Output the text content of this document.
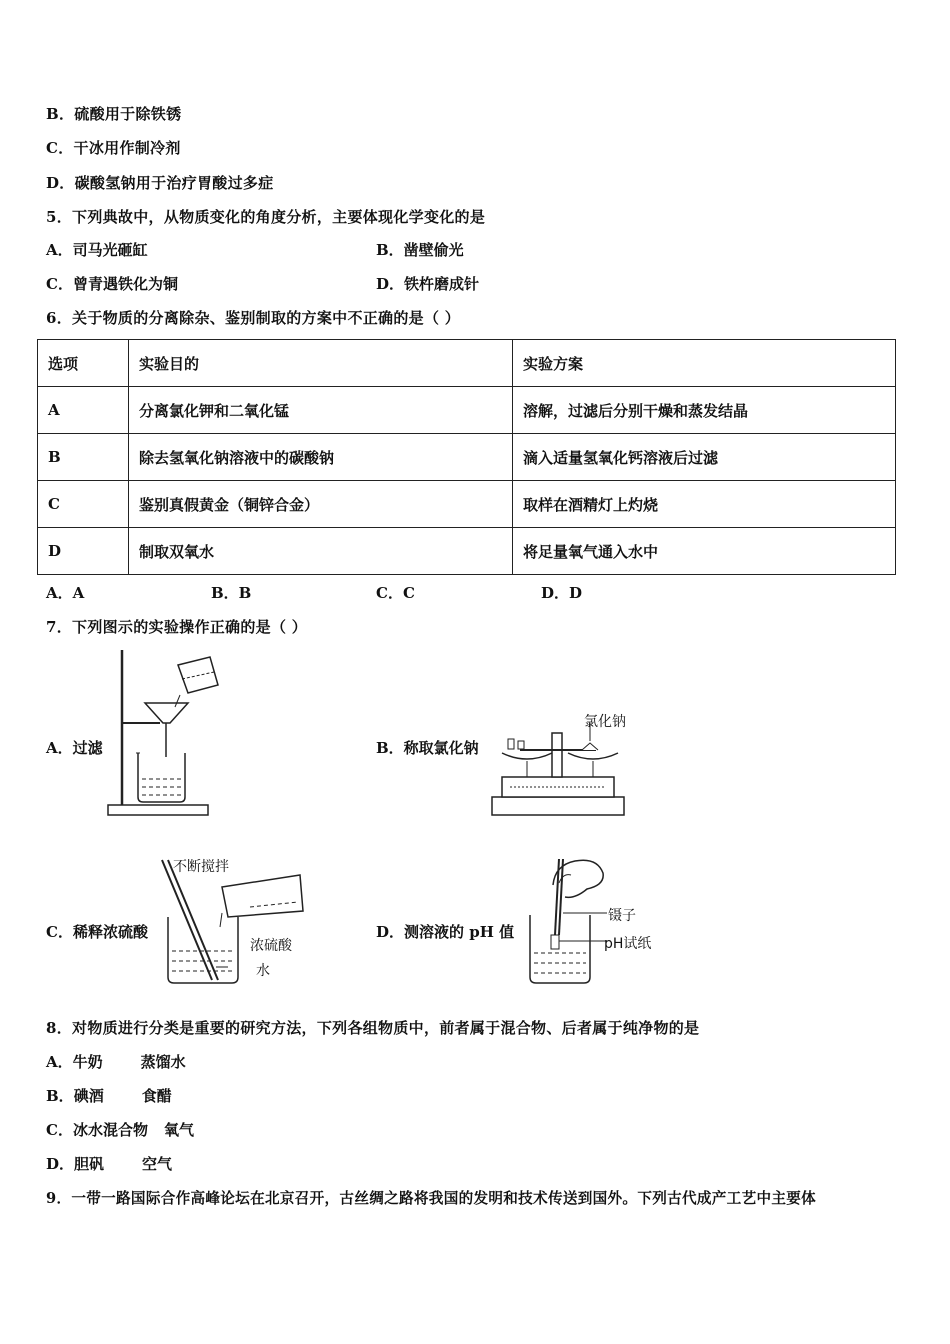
B．硫酸用于除铁锈
C．干冰用作制冷剂
D．碳酸氢钠用于治疗胃酸过多症
5．下列典故中，从物质变化的角度分析，主要体现化学变化的是
A．司马光砸缸	B．凿壁偷光
C．曾青遇铁化为铜	D．铁杵磨成针
6．关于物质的分离除杂、鉴别制取的方案中不正确的是（ ）
选项	实验目的	实验方案
A	分离氯化钾和二氧化锰	溶解，过滤后分别干燥和蒸发结晶
B	除去氢氧化钠溶液中的碳酸钠	滴入适量氢氧化钙溶液后过滤
C	鉴别真假黄金（铜锌合金）	取样在酒精灯上灼烧
D	制取双氧水	将足量氧气通入水中
A．A	B．B	C．C	D．D
7．下列图示的实验操作正确的是（ ）
A．过滤
氯化钠
B．称取氯化钠
不断搅拌
浓硫酸
水
C．稀释浓硫酸
镊子
pH试纸
D．测溶液的 pH 值
8．对物质进行分类是重要的研究方法，下列各组物质中，前者属于混合物、后者属于纯净物的是
A．牛奶	蒸馏水
B．碘酒	食醋
C．冰水混合物 氧气
D．胆矾	空气
9．一带一路国际合作高峰论坛在北京召开，古丝绸之路将我国的发明和技术传送到国外。下列古代成产工艺中主要体
